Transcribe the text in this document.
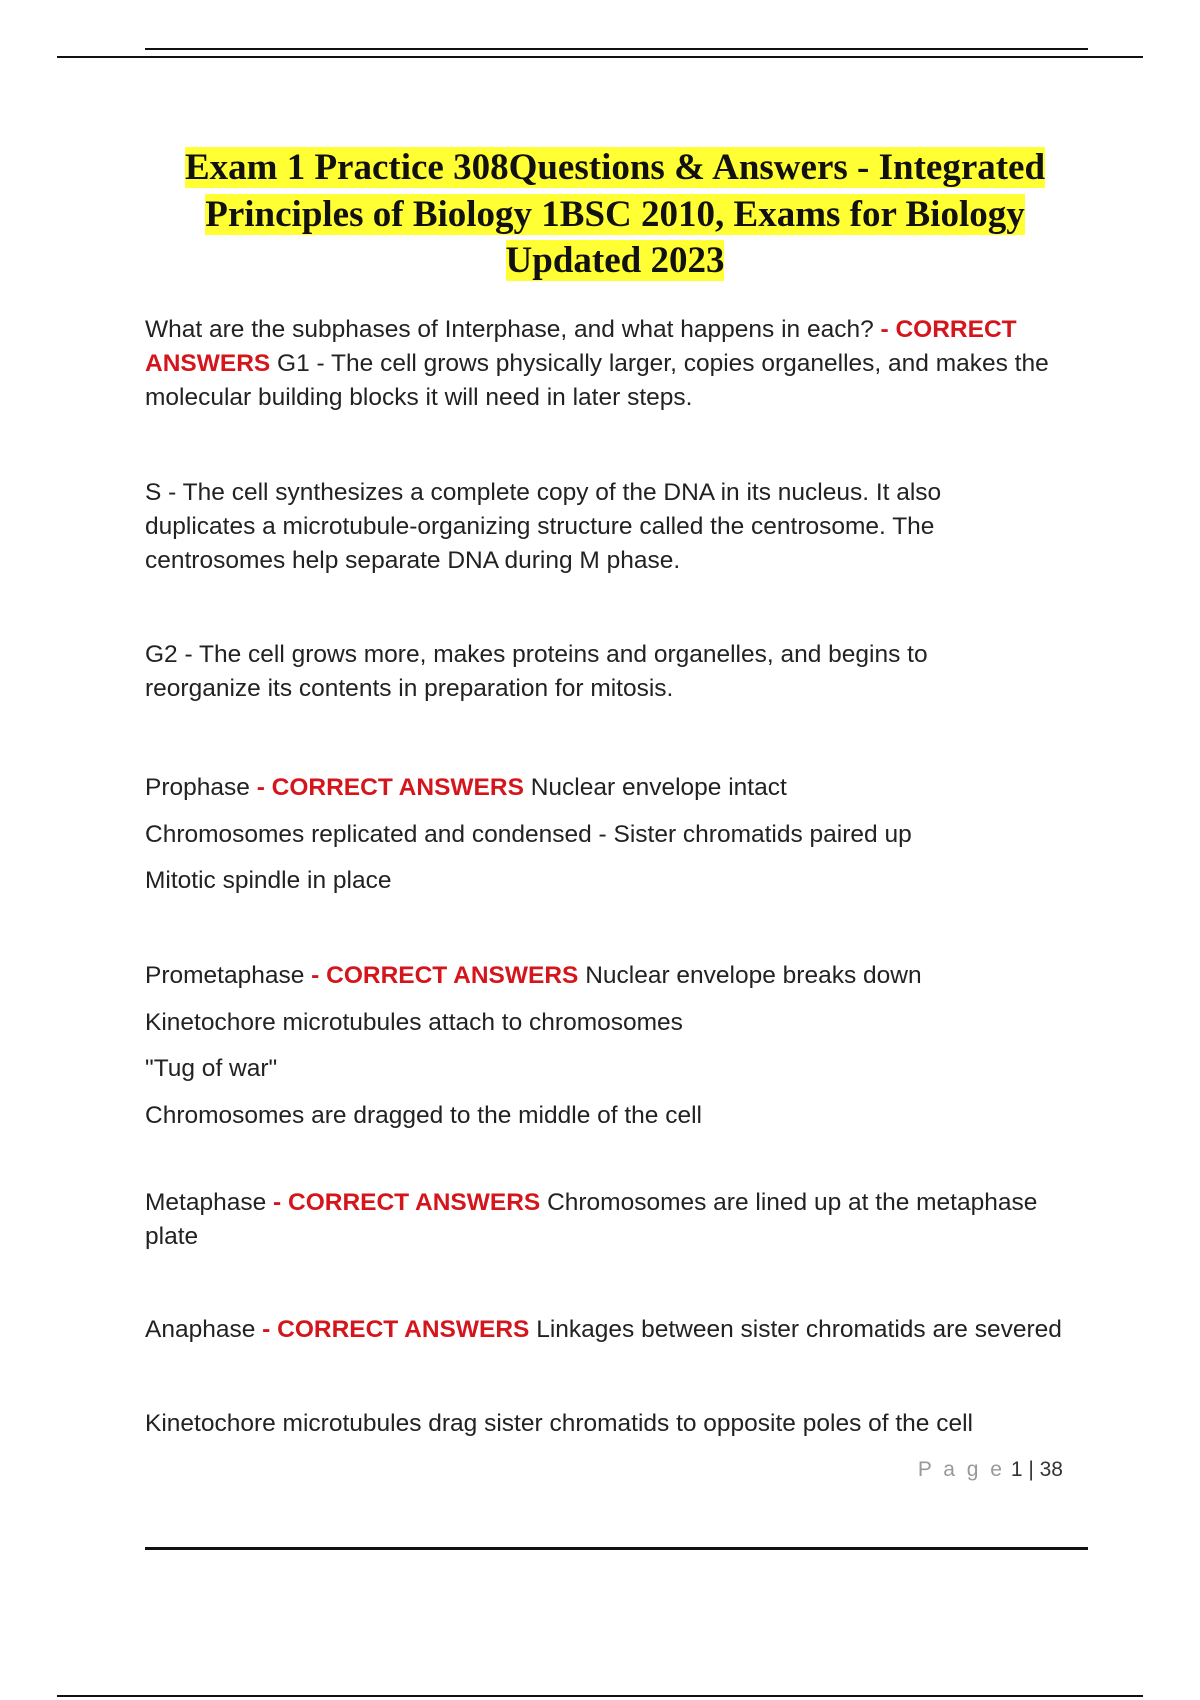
Exam 1 Practice 308Questions & Answers - Integrated
Principles of Biology 1BSC 2010, Exams for Biology
Updated 2023

What are the subphases of Interphase, and what happens in each? - CORRECT
ANSWERS G1 - The cell grows physically larger, copies organelles, and makes the
molecular building blocks it will need in later steps.

S - The cell synthesizes a complete copy of the DNA in its nucleus. It also
duplicates a microtubule-organizing structure called the centrosome. The
centrosomes help separate DNA during M phase.

G2 - The cell grows more, makes proteins and organelles, and begins to
reorganize its contents in preparation for mitosis.

Prophase - CORRECT ANSWERS Nuclear envelope intact
Chromosomes replicated and condensed - Sister chromatids paired up
Mitotic spindle in place

Prometaphase - CORRECT ANSWERS Nuclear envelope breaks down
Kinetochore microtubules attach to chromosomes
"Tug of war"
Chromosomes are dragged to the middle of the cell

Metaphase - CORRECT ANSWERS Chromosomes are lined up at the metaphase
plate

Anaphase - CORRECT ANSWERS Linkages between sister chromatids are severed

Kinetochore microtubules drag sister chromatids to opposite poles of the cell

P a g e 1 | 38
